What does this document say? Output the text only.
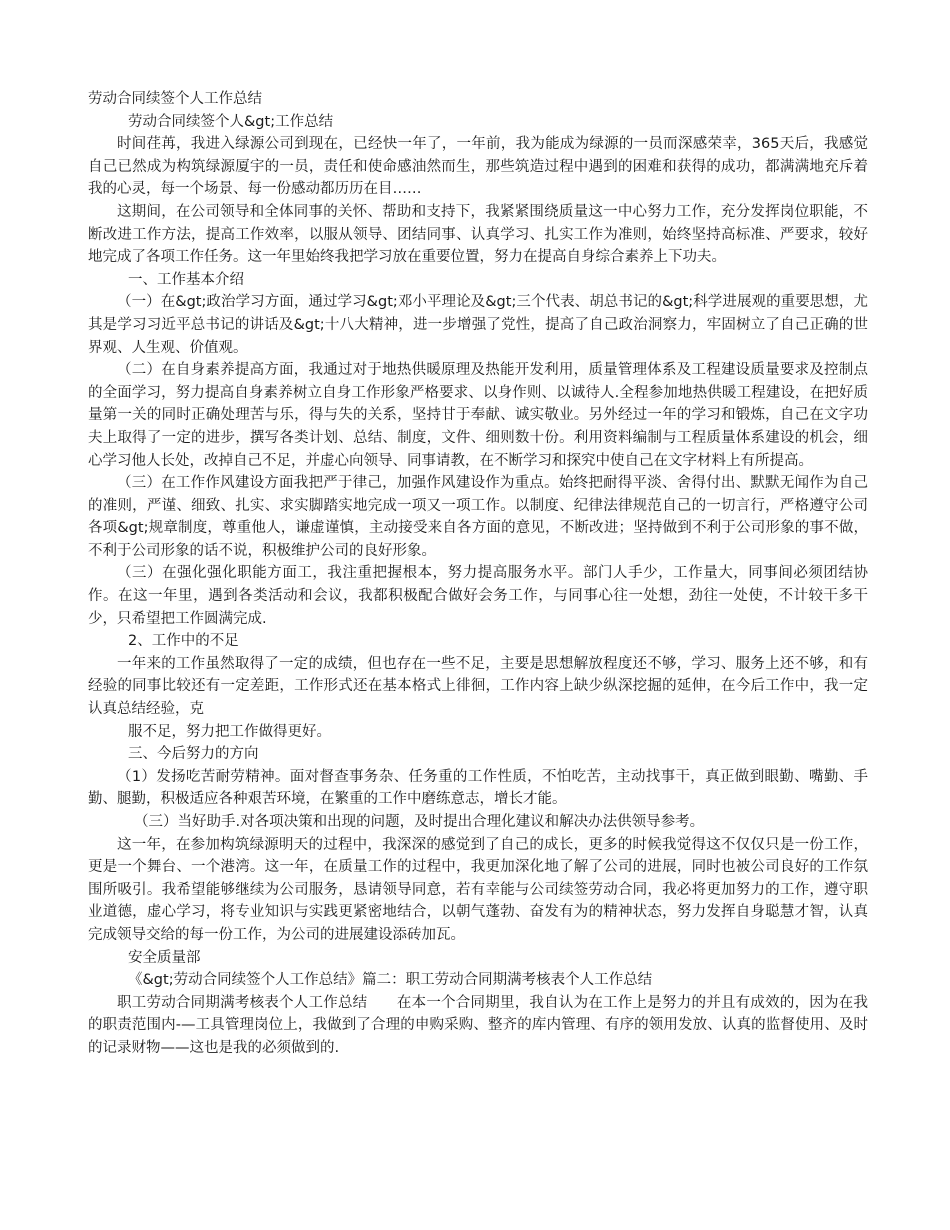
劳动合同续签个人工作总结
劳动合同续签个人&gt;工作总结
时间荏苒，我进入绿源公司到现在，已经快一年了，一年前，我为能成为绿源的一员而深感荣幸，365天后，我感觉自己已然成为构筑绿源厦宇的一员，责任和使命感油然而生，那些筑造过程中遇到的困难和获得的成功，都满满地充斥着我的心灵，每一个场景、每一份感动都历历在目……
这期间，在公司领导和全体同事的关怀、帮助和支持下，我紧紧围绕质量这一中心努力工作，充分发挥岗位职能，不断改进工作方法，提高工作效率，以服从领导、团结同事、认真学习、扎实工作为准则，始终坚持高标准、严要求，较好地完成了各项工作任务。这一年里始终我把学习放在重要位置，努力在提高自身综合素养上下功夫。
一、工作基本介绍
（一）在&gt;政治学习方面，通过学习&gt;邓小平理论及&gt;三个代表、胡总书记的&gt;科学进展观的重要思想，尤其是学习习近平总书记的讲话及&gt;十八大精神，进一步增强了党性，提高了自己政治洞察力，牢固树立了自己正确的世界观、人生观、价值观。
（二）在自身素养提高方面，我通过对于地热供暖原理及热能开发利用，质量管理体系及工程建设质量要求及控制点的全面学习，努力提高自身素养树立自身工作形象严格要求、以身作则、以诚待人.全程参加地热供暖工程建设，在把好质量第一关的同时正确处理苦与乐，得与失的关系，坚持甘于奉献、诚实敬业。另外经过一年的学习和锻炼，自己在文字功夫上取得了一定的进步，撰写各类计划、总结、制度，文件、细则数十份。利用资料编制与工程质量体系建设的机会，细心学习他人长处，改掉自己不足，并虚心向领导、同事请教，在不断学习和探究中使自己在文字材料上有所提高。
（三）在工作作风建设方面我把严于律己，加强作风建设作为重点。始终把耐得平淡、舍得付出、默默无闻作为自己的准则，严谨、细致、扎实、求实脚踏实地完成一项又一项工作。以制度、纪律法律规范自己的一切言行，严格遵守公司各项&gt;规章制度，尊重他人，谦虚谨慎，主动接受来自各方面的意见，不断改进；坚持做到不利于公司形象的事不做，不利于公司形象的话不说，积极维护公司的良好形象。
（三）在强化强化职能方面工，我注重把握根本，努力提高服务水平。部门人手少，工作量大，同事间必须团结协作。在这一年里，遇到各类活动和会议，我都积极配合做好会务工作，与同事心往一处想，劲往一处使，不计较干多干少，只希望把工作圆满完成.
2、工作中的不足
一年来的工作虽然取得了一定的成绩，但也存在一些不足，主要是思想解放程度还不够，学习、服务上还不够，和有经验的同事比较还有一定差距，工作形式还在基本格式上徘徊，工作内容上缺少纵深挖掘的延伸，在今后工作中，我一定认真总结经验，克
服不足，努力把工作做得更好。
三、今后努力的方向
（1）发扬吃苦耐劳精神。面对督查事务杂、任务重的工作性质，不怕吃苦，主动找事干，真正做到眼勤、嘴勤、手勤、腿勤，积极适应各种艰苦环境，在繁重的工作中磨练意志，增长才能。
（三）当好助手.对各项决策和出现的问题，及时提出合理化建议和解决办法供领导参考。
这一年，在参加构筑绿源明天的过程中，我深深的感觉到了自己的成长，更多的时候我觉得这不仅仅只是一份工作，更是一个舞台、一个港湾。这一年，在质量工作的过程中，我更加深化地了解了公司的进展，同时也被公司良好的工作氛围所吸引。我希望能够继续为公司服务，恳请领导同意，若有幸能与公司续签劳动合同，我必将更加努力的工作，遵守职业道德，虚心学习，将专业知识与实践更紧密地结合，以朝气蓬勃、奋发有为的精神状态，努力发挥自身聪慧才智，认真完成领导交给的每一份工作，为公司的进展建设添砖加瓦。
安全质量部
《&gt;劳动合同续签个人工作总结》篇二：职工劳动合同期满考核表个人工作总结
职工劳动合同期满考核表个人工作总结　　在本一个合同期里，我自认为在工作上是努力的并且有成效的，因为在我的职责范围内-—工具管理岗位上，我做到了合理的申购采购、整齐的库内管理、有序的领用发放、认真的监督使用、及时的记录财物——这也是我的必须做到的.
